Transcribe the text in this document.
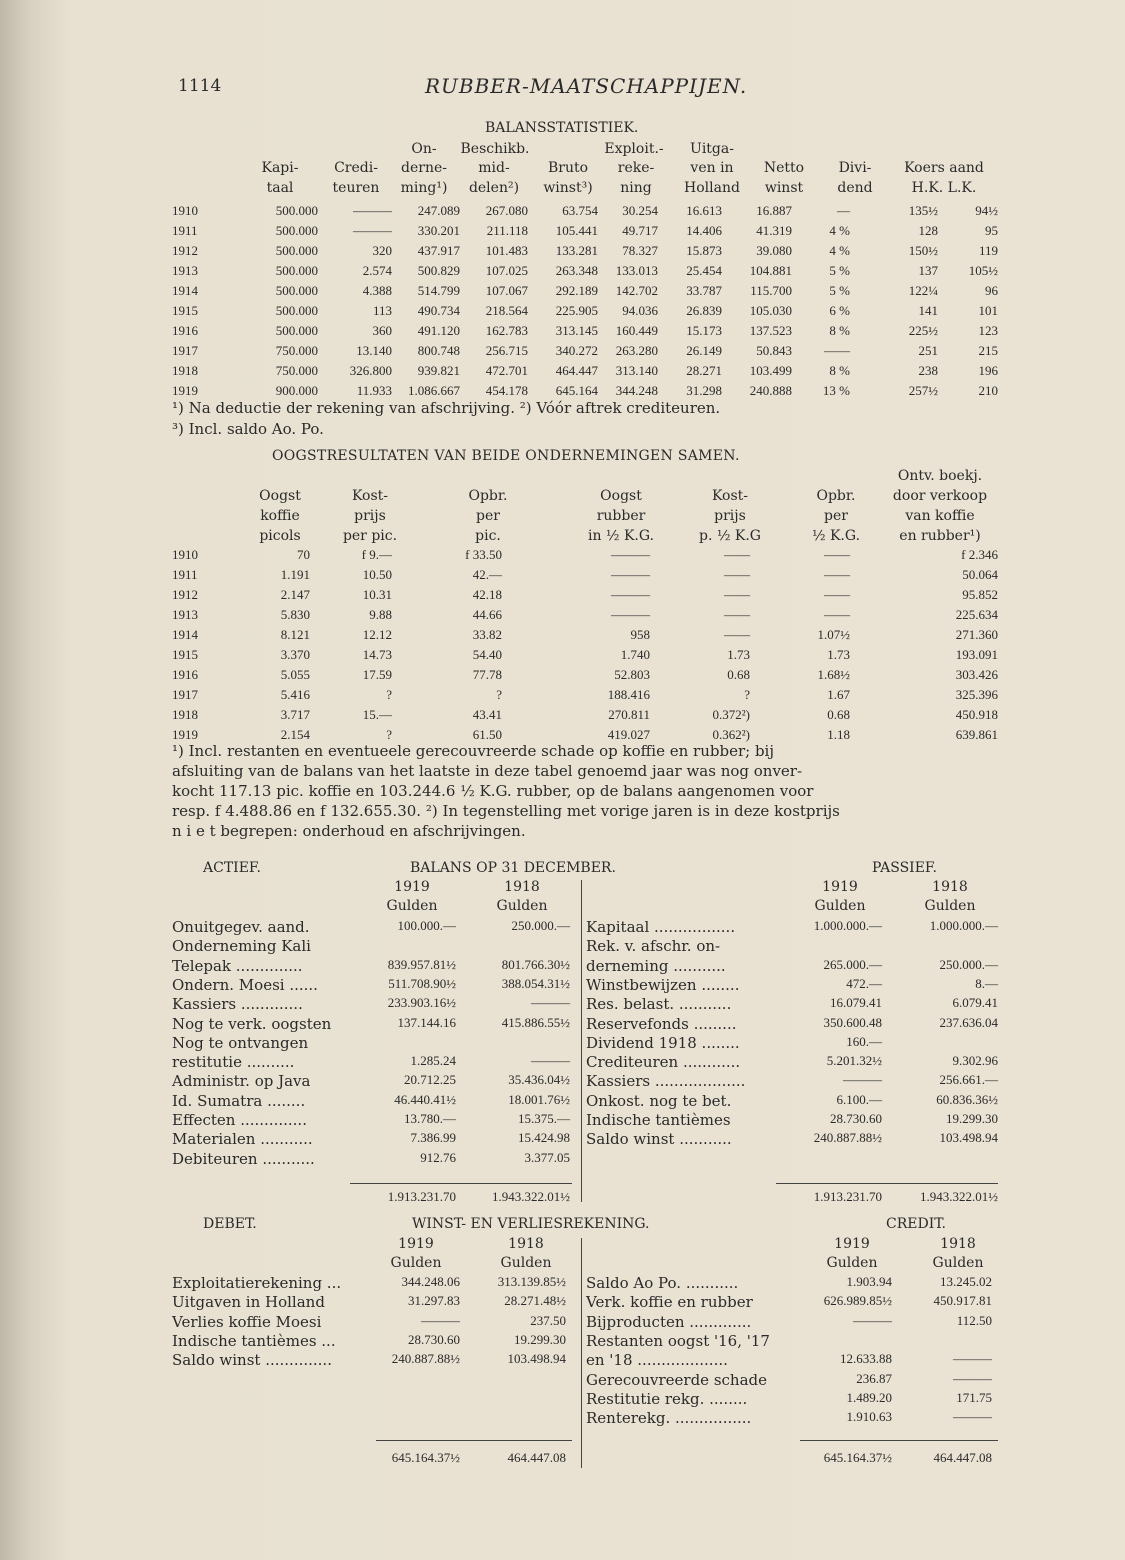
1114	RUBBER-MAATSCHAPPIJEN.
BALANSSTATISTIEK.
Kapi-
taal
Credi-
teuren
On-
derne-
ming¹)
Beschikb.
mid-
delen²)
Bruto
winst³)
Exploit.-
reke-
ning
Uitga-
ven in
Holland
Netto
winst
Divi-
dend
Koers aand
H.K. L.K.
1910	500.000	———	247.089	267.080	63.754	30.254	16.613	16.887	—	135½	94½
1911	500.000	———	330.201	211.118	105.441	49.717	14.406	41.319	4 %	128	95
1912	500.000	320	437.917	101.483	133.281	78.327	15.873	39.080	4 %	150½	119
1913	500.000	2.574	500.829	107.025	263.348	133.013	25.454	104.881	5 %	137	105½
1914	500.000	4.388	514.799	107.067	292.189	142.702	33.787	115.700	5 %	122¼	96
1915	500.000	113	490.734	218.564	225.905	94.036	26.839	105.030	6 %	141	101
1916	500.000	360	491.120	162.783	313.145	160.449	15.173	137.523	8 %	225½	123
1917	750.000	13.140	800.748	256.715	340.272	263.280	26.149	50.843	——	251	215
1918	750.000	326.800	939.821	472.701	464.447	313.140	28.271	103.499	8 %	238	196
1919	900.000	11.933	1.086.667	454.178	645.164	344.248	31.298	240.888	13 %	257½	210
¹) Na deductie der rekening van afschrijving. ²) Vóór aftrek crediteuren.
³) Incl. saldo Ao. Po.
OOGSTRESULTATEN VAN BEIDE ONDERNEMINGEN SAMEN.
Oogst
koffie
picols
Kost-
prijs
per pic.
Opbr.
per
pic.
Oogst
rubber
in ½ K.G.
Kost-
prijs
p. ½ K.G
Opbr.
per
½ K.G.
Ontv. boekj.
door verkoop
van koffie
en rubber¹)
1910	70	f 9.—	f 33.50	———	——	——	f 2.346
1911	1.191	10.50	42.—	———	——	——	50.064
1912	2.147	10.31	42.18	———	——	——	95.852
1913	5.830	9.88	44.66	———	——	——	225.634
1914	8.121	12.12	33.82	958	——	1.07½	271.360
1915	3.370	14.73	54.40	1.740	1.73	1.73	193.091
1916	5.055	17.59	77.78	52.803	0.68	1.68½	303.426
1917	5.416	?	?	188.416	?	1.67	325.396
1918	3.717	15.—	43.41	270.811	0.372²)	0.68	450.918
1919	2.154	?	61.50	419.027	0.362²)	1.18	639.861
¹) Incl. restanten en eventueele gerecouvreerde schade op koffie en rubber; bij
afsluiting van de balans van het laatste in deze tabel genoemd jaar was nog onver-
kocht 117.13 pic. koffie en 103.244.6 ½ K.G. rubber, op de balans aangenomen voor
resp. f 4.488.86 en f 132.655.30. ²) In tegenstelling met vorige jaren is in deze kostprijs
n i e t begrepen: onderhoud en afschrijvingen.
ACTIEF.	BALANS OP 31 DECEMBER.	PASSIEF.
1919	1918
Gulden	Gulden
1919	1918
Gulden	Gulden
Onuitgegev. aand.	100.000.—	250.000.—
Onderneming Kali
Telepak ..............	839.957.81½	801.766.30½
Ondern. Moesi ......	511.708.90½	388.054.31½
Kassiers .............	233.903.16½	———
Nog te verk. oogsten	137.144.16	415.886.55½
Nog te ontvangen
restitutie ..........	1.285.24	———
Administr. op Java	20.712.25	35.436.04½
Id. Sumatra ........	46.440.41½	18.001.76½
Effecten ..............	13.780.—	15.375.—
Materialen ...........	7.386.99	15.424.98
Debiteuren ...........	912.76	3.377.05
Kapitaal .................	1.000.000.—	1.000.000.—
Rek. v. afschr. on-
derneming ...........	265.000.—	250.000.—
Winstbewijzen ........	472.—	8.—
Res. belast. ...........	16.079.41	6.079.41
Reservefonds .........	350.600.48	237.636.04
Dividend 1918 ........	160.—
Crediteuren ............	5.201.32½	9.302.96
Kassiers ...................	———	256.661.—
Onkost. nog te bet.	6.100.—	60.836.36½
Indische tantièmes	28.730.60	19.299.30
Saldo winst ...........	240.887.88½	103.498.94
1.913.231.70	1.943.322.01½	1.913.231.70	1.943.322.01½
DEBET.	WINST- EN VERLIESREKENING.	CREDIT.
1919	1918
Gulden	Gulden
1919	1918
Gulden	Gulden
Exploitatierekening ...	344.248.06	313.139.85½
Uitgaven in Holland	31.297.83	28.271.48½
Verlies koffie Moesi	———	237.50
Indische tantièmes ...	28.730.60	19.299.30
Saldo winst ..............	240.887.88½	103.498.94
Saldo Ao Po. ...........	1.903.94	13.245.02
Verk. koffie en rubber	626.989.85½	450.917.81
Bijproducten .............	———	112.50
Restanten oogst '16, '17
en '18 ...................	12.633.88	———
Gerecouvreerde schade	236.87	———
Restitutie rekg. ........	1.489.20	171.75
Renterekg. ................	1.910.63	———
645.164.37½	464.447.08	645.164.37½	464.447.08
